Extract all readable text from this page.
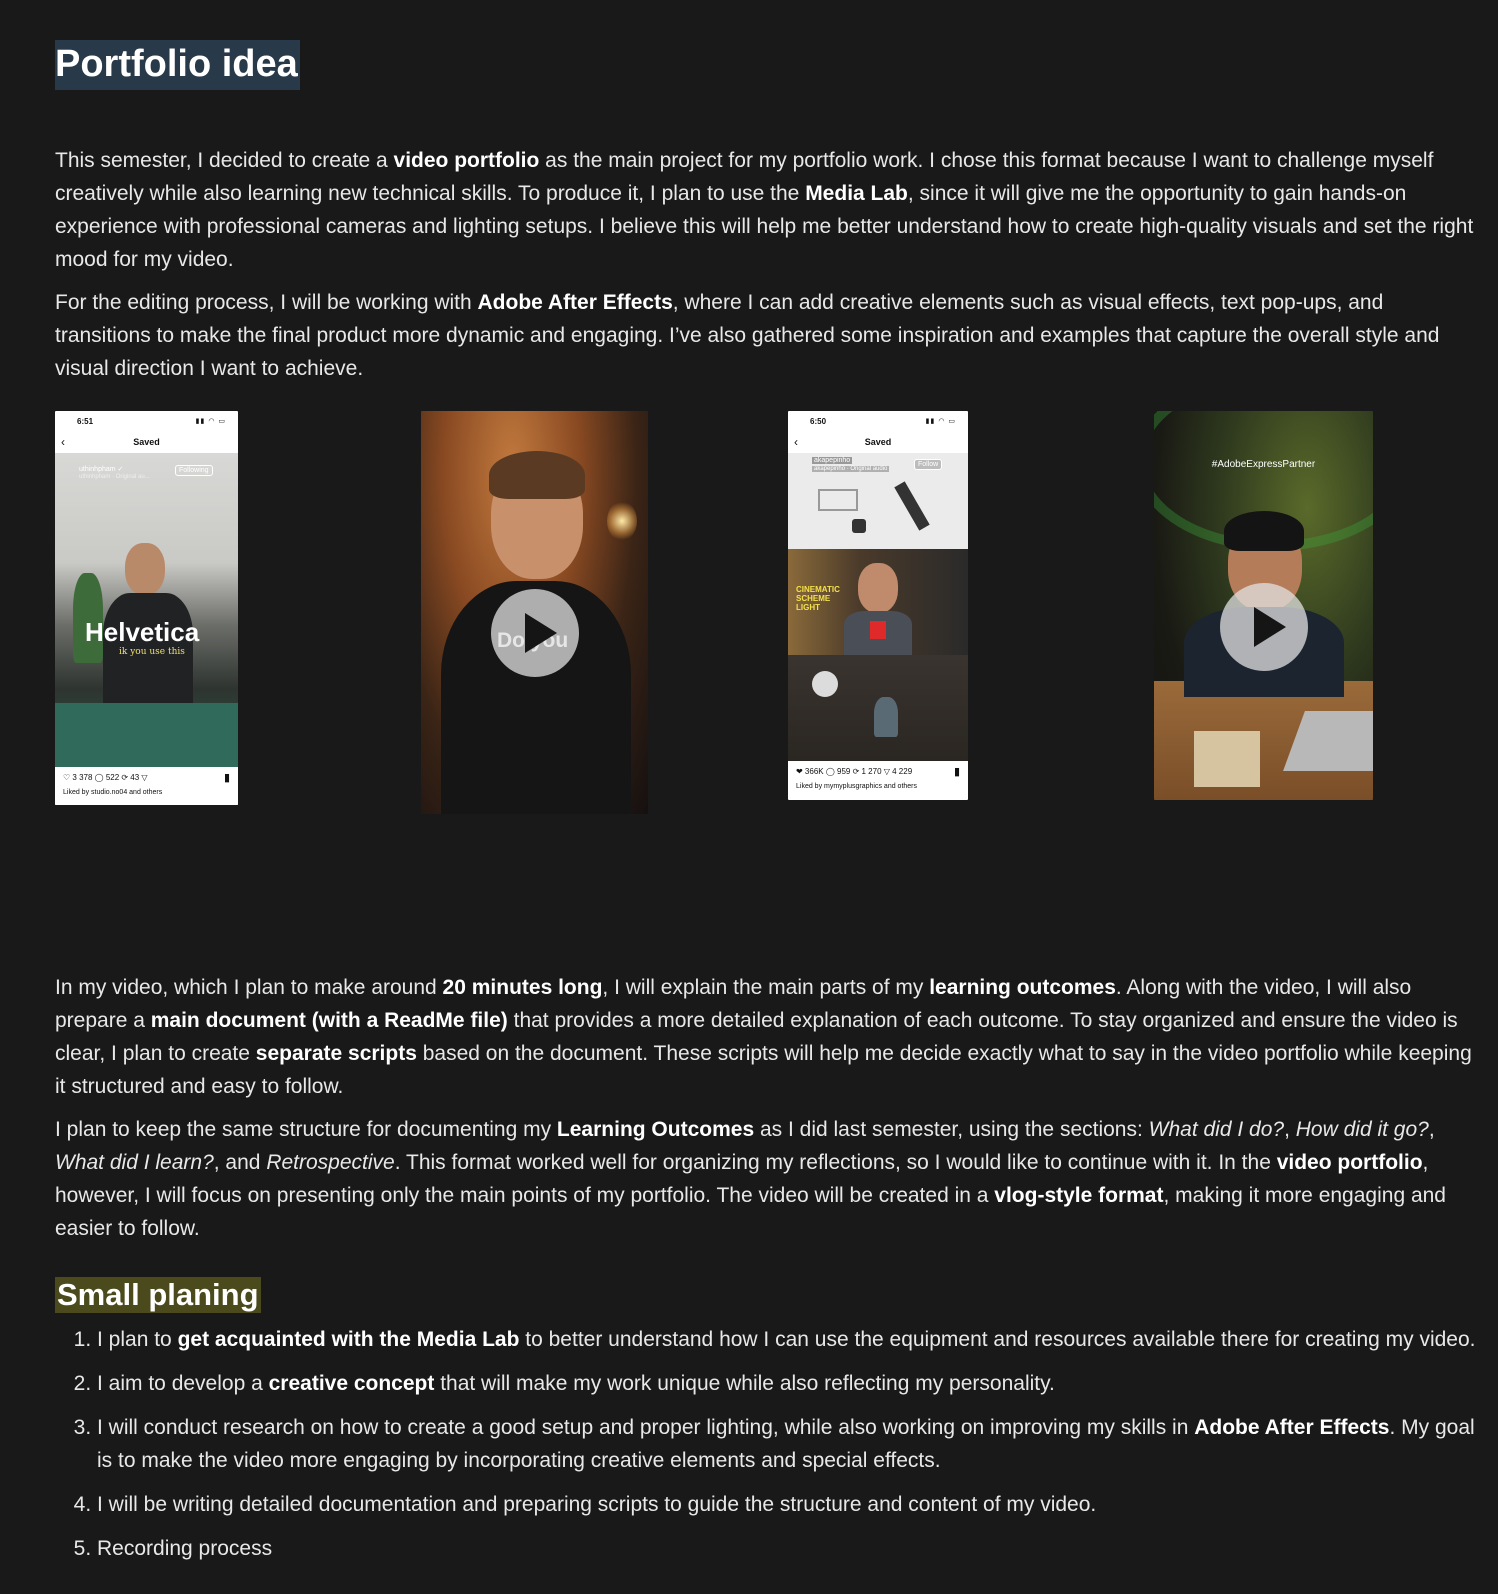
Portfolio idea

This semester, I decided to create a video portfolio as the main project for my portfolio work. I chose this format because I want to challenge myself creatively while also learning new technical skills. To produce it, I plan to use the Media Lab, since it will give me the opportunity to gain hands-on experience with professional cameras and lighting setups. I believe this will help me better understand how to create high-quality visuals and set the right mood for my video.

For the editing process, I will be working with Adobe After Effects, where I can add creative elements such as visual effects, text pop-ups, and transitions to make the final product more dynamic and engaging. I’ve also gathered some inspiration and examples that capture the overall style and visual direction I want to achieve.

6:51	▮▮ ◠ ▭
‹	Saved
uthinhpham ✓
uthinhpham · Original au...
Following
Helvetica
ik you use this
♡ 3 378 ◯ 522 ⟳ 43 ▽
Liked by studio.no04 and others
▮
6:50	▮▮ ◠ ▭
‹	Saved
akapepinho
akapepinho · Original audio
Follow
CINEMATIC SCHEME LIGHT
❤ 366K ◯ 959 ⟳ 1 270 ▽ 4 229
Liked by mymyplusgraphics and others
▮
#AdobeExpressPartner

In my video, which I plan to make around 20 minutes long, I will explain the main parts of my learning outcomes. Along with the video, I will also prepare a main document (with a ReadMe file) that provides a more detailed explanation of each outcome. To stay organized and ensure the video is clear, I plan to create separate scripts based on the document. These scripts will help me decide exactly what to say in the video portfolio while keeping it structured and easy to follow.

I plan to keep the same structure for documenting my Learning Outcomes as I did last semester, using the sections: What did I do?, How did it go?, What did I learn?, and Retrospective. This format worked well for organizing my reflections, so I would like to continue with it. In the video portfolio, however, I will focus on presenting only the main points of my portfolio. The video will be created in a vlog-style format, making it more engaging and easier to follow.

Small planing
1. I plan to get acquainted with the Media Lab to better understand how I can use the equipment and resources available there for creating my video.
2. I aim to develop a creative concept that will make my work unique while also reflecting my personality.
3. I will conduct research on how to create a good setup and proper lighting, while also working on improving my skills in Adobe After Effects. My goal is to make the video more engaging by incorporating creative elements and special effects.
4. I will be writing detailed documentation and preparing scripts to guide the structure and content of my video.
5. Recording process
